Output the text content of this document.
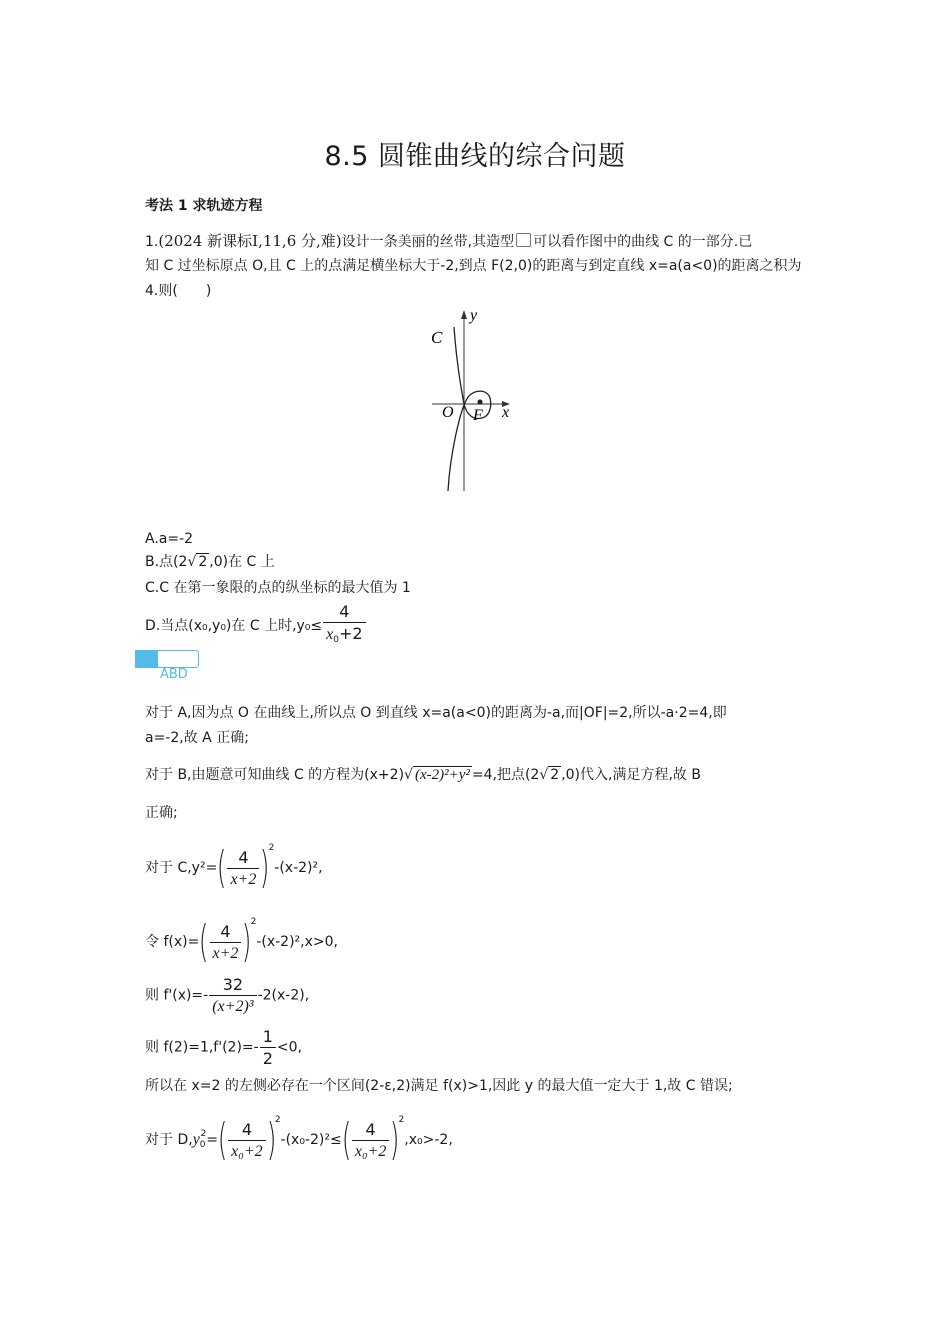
8.5 圆锥曲线的综合问题
考法 1 求轨迹方程
1.(2024 新课标Ⅰ,11,6 分,难)设计一条美丽的丝带,其造型 可以看作图中的曲线 C 的一部分.已
知 C 过坐标原点 O,且 C 上的点满足横坐标大于-2,到点 F(2,0)的距离与到定直线 x=a(a<0)的距离之积为
4.则(　　)
C
y
O F x
A.a=-2
B.点(2√ 2 ,0)在 C 上
C.C 在第一象限的点的纵坐标的最大值为 1
D.当点(x₀,y₀)在 C 上时$,y_0\le \frac{4}{x_0+2}$
ABD
对于 A,因为点 O 在曲线上,所以点 O 到直线 x=a(a<0)的距离为-a,而|OF|=2,所以-a·2=4,即
a=-2,故 A 正确;
对于 B,由题意可知曲线 C 的方程为(x+2)√ (x-2)²+y² =4,把点(2√ 2 ,0)代入,满足方程,故 B
正确;
对于 $C,y^2=( \frac{4}{x+2} )^2-(x-2)^2$,
令 $f(x)=( \frac{4}{x+2} )^2-(x-2)^2,x>0$,
则 $f'(x)=- \frac{32}{\text{(x+2)³}} -2(x-2)$,
则 $f(2)=1,f'(2)=- \frac{1}{2} <0$,
所以在 x=2 的左侧必存在一个区间(2-ε,2)满足 f(x)>1,因此 y 的最大值一定大于 1,故 C 错误;
对于 $D,y_0^2=( \frac{4}{\text{x₀+2}} )^2-(x_0-2)^2\le( \frac{4}{\text{x₀+2}} )^2,x_0>-2$,
